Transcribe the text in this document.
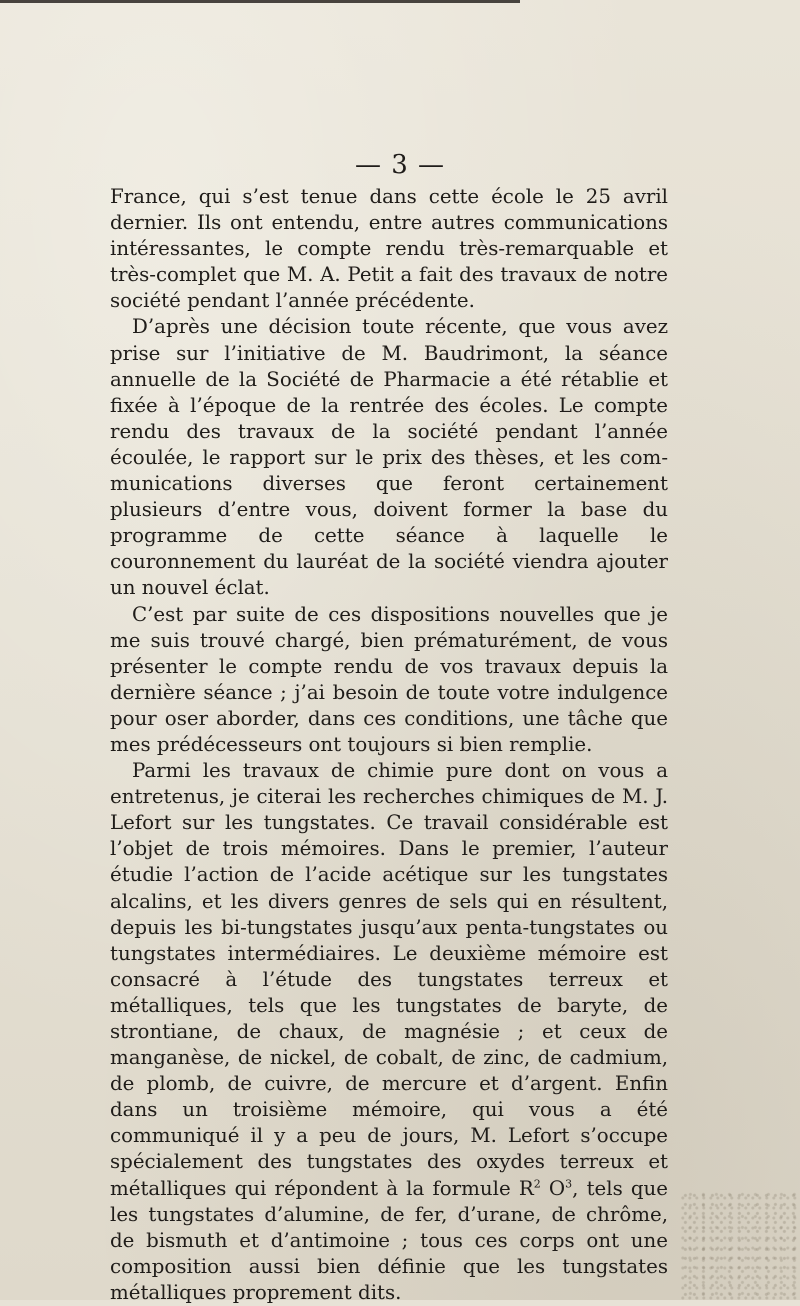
— 3 —

France, qui s’est tenue dans cette école le 25 avril dernier. Ils ont entendu, entre autres communications intéressantes, le compte rendu très-remarquable et très-complet que M. A. Petit a fait des travaux de notre société pendant l’année précédente.

D’après une décision toute récente, que vous avez prise sur l’initiative de M. Baudrimont, la séance annuelle de la Société de Pharmacie a été rétablie et fixée à l’époque de la rentrée des écoles. Le compte rendu des travaux de la société pendant l’année écoulée, le rapport sur le prix des thèses, et les communications diverses que feront certainement plusieurs d’entre vous, doivent former la base du programme de cette séance à laquelle le couronnement du lauréat de la société viendra ajouter un nouvel éclat.

C’est par suite de ces dispositions nouvelles que je me suis trouvé chargé, bien prématurément, de vous présenter le compte rendu de vos travaux depuis la dernière séance ; j’ai besoin de toute votre indulgence pour oser aborder, dans ces conditions, une tâche que mes prédécesseurs ont toujours si bien remplie.

Parmi les travaux de chimie pure dont on vous a entretenus, je citerai les recherches chimiques de M. J. Lefort sur les tungstates. Ce travail considérable est l’objet de trois mémoires. Dans le premier, l’auteur étudie l’action de l’acide acétique sur les tungstates alcalins, et les divers genres de sels qui en résultent, depuis les bi-tungstates jusqu’aux penta-tungstates ou tungstates intermédiaires. Le deuxième mémoire est consacré à l’étude des tungstates terreux et métalliques, tels que les tungstates de baryte, de strontiane, de chaux, de magnésie ; et ceux de manganèse, de nickel, de cobalt, de zinc, de cadmium, de plomb, de cuivre, de mercure et d’argent. Enfin dans un troisième mémoire, qui vous a été communiqué il y a peu de jours, M. Lefort s’occupe spécialement des tungstates des oxydes terreux et métalliques qui répondent à la formule $R^2$ $O^3$, tels que les tungstates d’alumine, de fer, d’urane, de chrôme, de bismuth et d’antimoine ; tous ces corps ont une composition aussi bien définie que les tungstates métalliques proprement dits.
